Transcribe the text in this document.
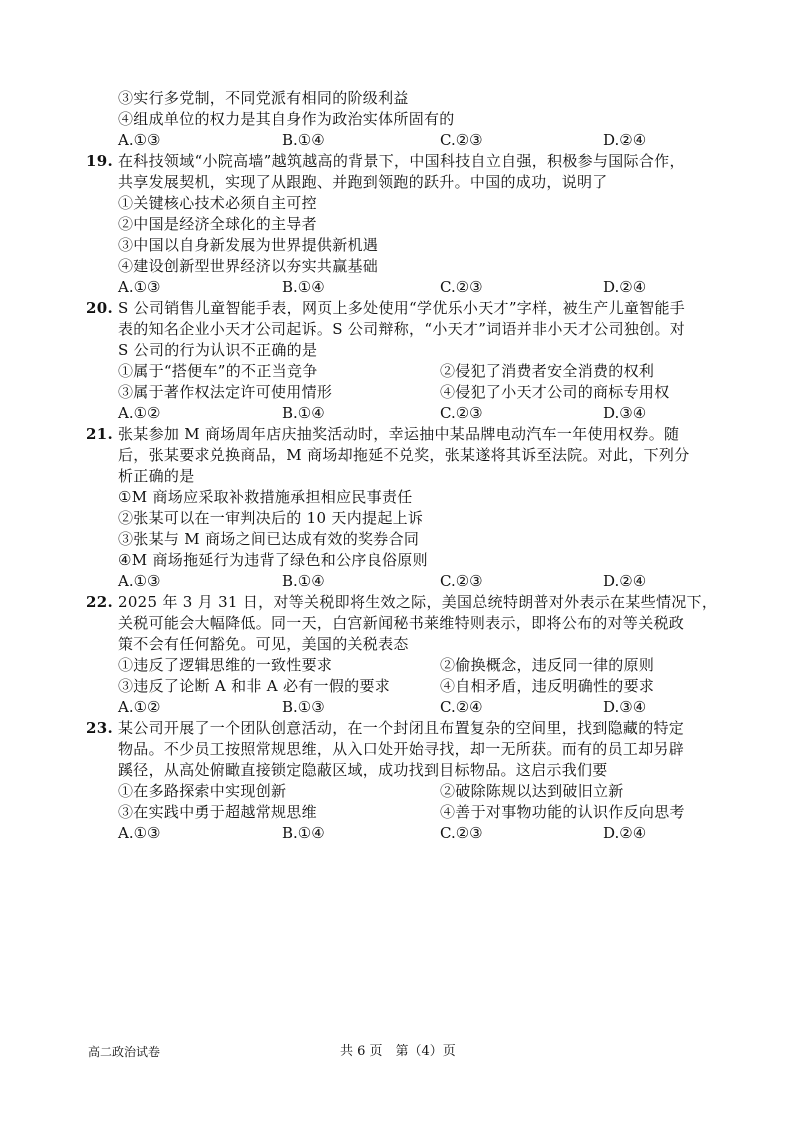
③实行多党制，不同党派有相同的阶级利益
④组成单位的权力是其自身作为政治实体所固有的
A.①③	B.①④	C.②③	D.②④
19. 在科技领域“小院高墙”越筑越高的背景下，中国科技自立自强，积极参与国际合作，
共享发展契机，实现了从跟跑、并跑到领跑的跃升。中国的成功，说明了
①关键核心技术必须自主可控
②中国是经济全球化的主导者
③中国以自身新发展为世界提供新机遇
④建设创新型世界经济以夯实共赢基础
A.①③	B.①④	C.②③	D.②④
20. S 公司销售儿童智能手表，网页上多处使用“学优乐小天才”字样，被生产儿童智能手
表的知名企业小天才公司起诉。S 公司辩称，“小天才”词语并非小天才公司独创。对
S 公司的行为认识不正确的是
①属于“搭便车”的不正当竞争	②侵犯了消费者安全消费的权利
③属于著作权法定许可使用情形	④侵犯了小天才公司的商标专用权
A.①②	B.①④	C.②③	D.③④
21. 张某参加 M 商场周年店庆抽奖活动时，幸运抽中某品牌电动汽车一年使用权券。随
后，张某要求兑换商品，M 商场却拖延不兑奖，张某遂将其诉至法院。对此，下列分
析正确的是
①M 商场应采取补救措施承担相应民事责任
②张某可以在一审判决后的 10 天内提起上诉
③张某与 M 商场之间已达成有效的奖券合同
④M 商场拖延行为违背了绿色和公序良俗原则
A.①③	B.①④	C.②③	D.②④
22. 2025 年 3 月 31 日，对等关税即将生效之际，美国总统特朗普对外表示在某些情况下，
关税可能会大幅降低。同一天，白宫新闻秘书莱维特则表示，即将公布的对等关税政
策不会有任何豁免。可见，美国的关税表态
①违反了逻辑思维的一致性要求	②偷换概念，违反同一律的原则
③违反了论断 A 和非 A 必有一假的要求	④自相矛盾，违反明确性的要求
A.①②	B.①③	C.②④	D.③④
23. 某公司开展了一个团队创意活动，在一个封闭且布置复杂的空间里，找到隐藏的特定
物品。不少员工按照常规思维，从入口处开始寻找，却一无所获。而有的员工却另辟
蹊径，从高处俯瞰直接锁定隐蔽区域，成功找到目标物品。这启示我们要
①在多路探索中实现创新	②破除陈规以达到破旧立新
③在实践中勇于超越常规思维	④善于对事物功能的认识作反向思考
A.①③	B.①④	C.②③	D.②④
高二政治试卷	共 6 页　第（4）页
